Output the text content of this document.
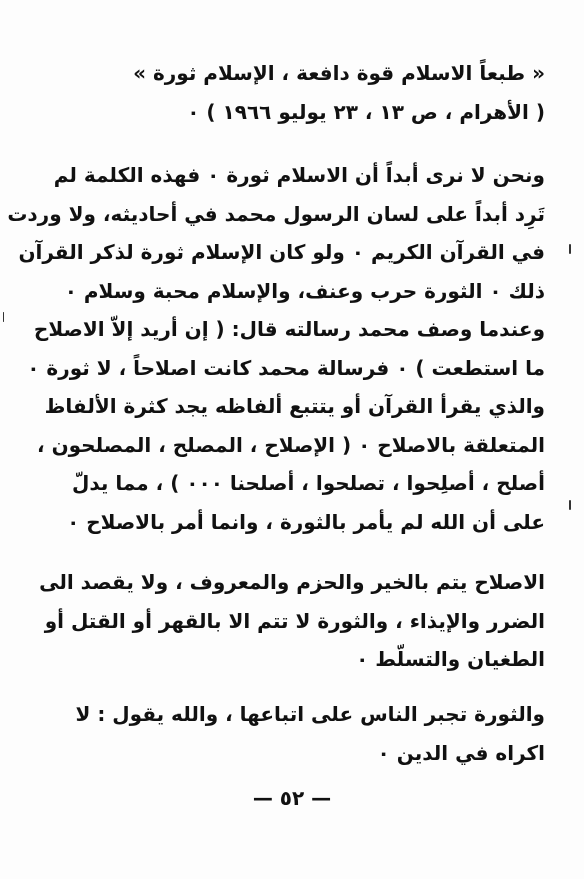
« طبعاً الاسلام قوة دافعة ، الإسلام ثورة »
( الأهرام ، ص ١٣ ، ٢٣ يوليو ١٩٦٦ ) ٠
ونحن لا نرى أبداً أن الاسلام ثورة ٠ فهذه الكلمة لم
تَرِد أبداً على لسان الرسول محمد في أحاديثه، ولا وردت
في القرآن الكريم ٠ ولو كان الإسلام ثورة لذكر القرآن
ذلك ٠ الثورة حرب وعنف، والإسلام محبة وسلام ٠
وعندما وصف محمد رسالته قال: ( إن أريد إلاّ الاصلاح
ما استطعت ) ٠ فرسالة محمد كانت اصلاحاً ، لا ثورة ٠
والذي يقرأ القرآن أو يتتبع ألفاظه يجد كثرة الألفاظ
المتعلقة بالاصلاح ٠ ( الإصلاح ، المصلح ، المصلحون ،
أصلح ، أصلِحوا ، تصلحوا ، أصلحنا ٠٠٠ ) ، مما يدلّ
على أن الله لم يأمر بالثورة ، وانما أمر بالاصلاح ٠
الاصلاح يتم بالخير والحزم والمعروف ، ولا يقصد الى
الضرر والإيذاء ، والثورة لا تتم الا بالقهر أو القتل أو
الطغيان والتسلّط ٠
والثورة تجبر الناس على اتباعها ، والله يقول : لا
اكراه في الدين ٠
— ٥٢ —
